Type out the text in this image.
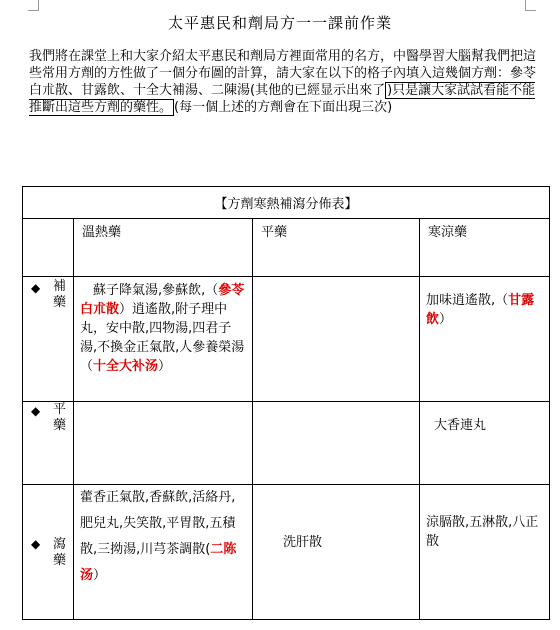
太平惠民和劑局方一一課前作業
我們將在課堂上和大家介紹太平惠民和劑局方裡面常用的名方，中醫學習大腦幫我們把這些常用方劑的方性做了一個分布圖的計算，請大家在以下的格子內填入這幾個方劑：參苓白朮散、甘露飲、十全大補湯、二陳湯(其他的已經显示出來了 )只是讓大家試試看能不能推斷出這些方劑的藥性。 (每一個上述的方劑會在下面出現三次)
【方劑寒熱補瀉分佈表】			

	溫熱藥	平藥	寒涼藥

◆ 補藥	　蘇子降氣湯,參蘇飲,（參苓白朮散）逍遙散,附子理中丸，安中散,四物湯,四君子湯,不換金正氣散,人參養榮湯（十全大补汤）		加味逍遙散,（甘露飲）

◆ 平藥			大香連丸

◆ 瀉藥	藿香正氣散,香蘇飲,活絡丹,肥兒丸,失笑散,平胃散,五積散,三拗湯,川芎茶調散(二陈汤）	洗肝散	涼膈散,五淋散,八正散
